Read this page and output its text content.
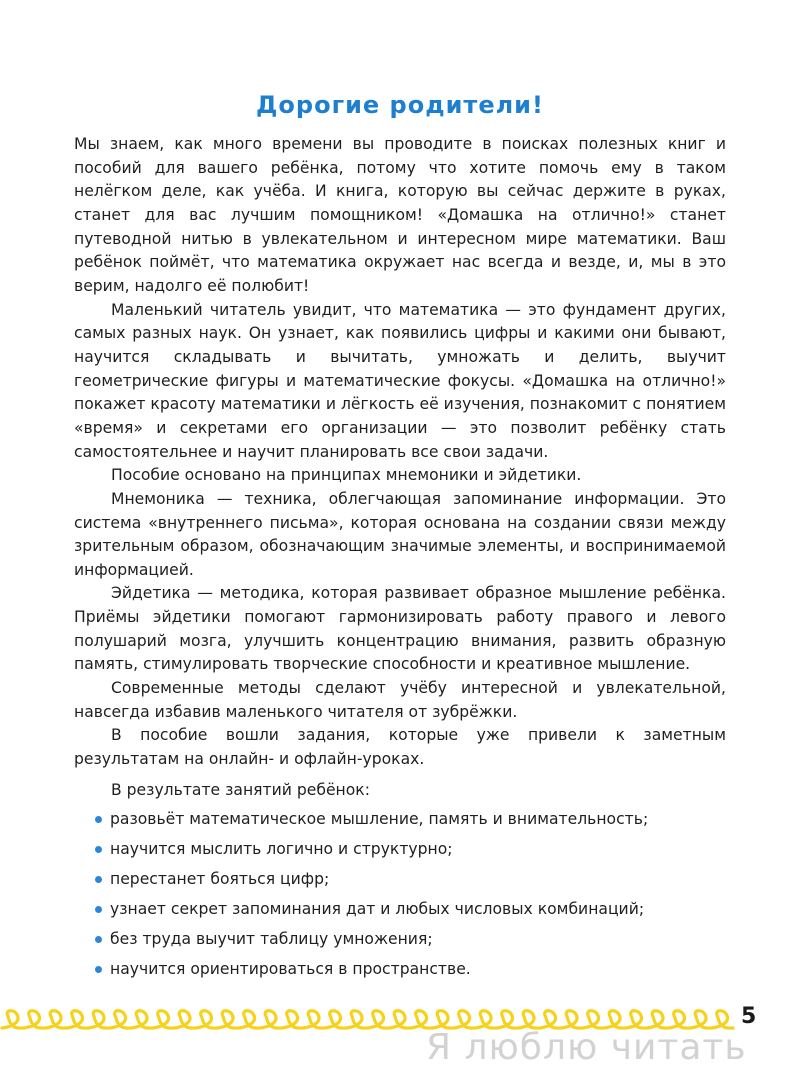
Дорогие родители!

Мы знаем, как много времени вы проводите в поисках полезных книг и пособий для вашего ребёнка, потому что хотите помочь ему в таком нелёгком деле, как учёба. И книга, которую вы сейчас держите в руках, станет для вас лучшим помощником! «Домашка на отлично!» станет путеводной нитью в увлекательном и интересном мире математики. Ваш ребёнок поймёт, что математика окружает нас всегда и везде, и, мы в это верим, надолго её полюбит!

Маленький читатель увидит, что математика — это фундамент других, самых разных наук. Он узнает, как появились цифры и какими они бывают, научится складывать и вычитать, умножать и делить, выучит геометрические фигуры и математические фокусы. «Домашка на отлично!» покажет красоту математики и лёгкость её изучения, познакомит с понятием «время» и секретами его организации — это позволит ребёнку стать самостоятельнее и научит планировать все свои задачи.

Пособие основано на принципах мнемоники и эйдетики.

Мнемоника — техника, облегчающая запоминание информации. Это система «внутреннего письма», которая основана на создании связи между зрительным образом, обозначающим значимые элементы, и воспринимаемой информацией.

Эйдетика — методика, которая развивает образное мышление ребёнка. Приёмы эйдетики помогают гармонизировать работу правого и левого полушарий мозга, улучшить концентрацию внимания, развить образную память, стимулировать творческие способности и креативное мышление.

Современные методы сделают учёбу интересной и увлекательной, навсегда избавив маленького читателя от зубрёжки.

В пособие вошли задания, которые уже привели к заметным результатам на онлайн- и офлайн-уроках.

В результате занятий ребёнок:

разовьёт математическое мышление, память и внимательность;
научится мыслить логично и структурно;
перестанет бояться цифр;
узнает секрет запоминания дат и любых числовых комбинаций;
без труда выучит таблицу умножения;
научится ориентироваться в пространстве.
5
Я люблю читать
